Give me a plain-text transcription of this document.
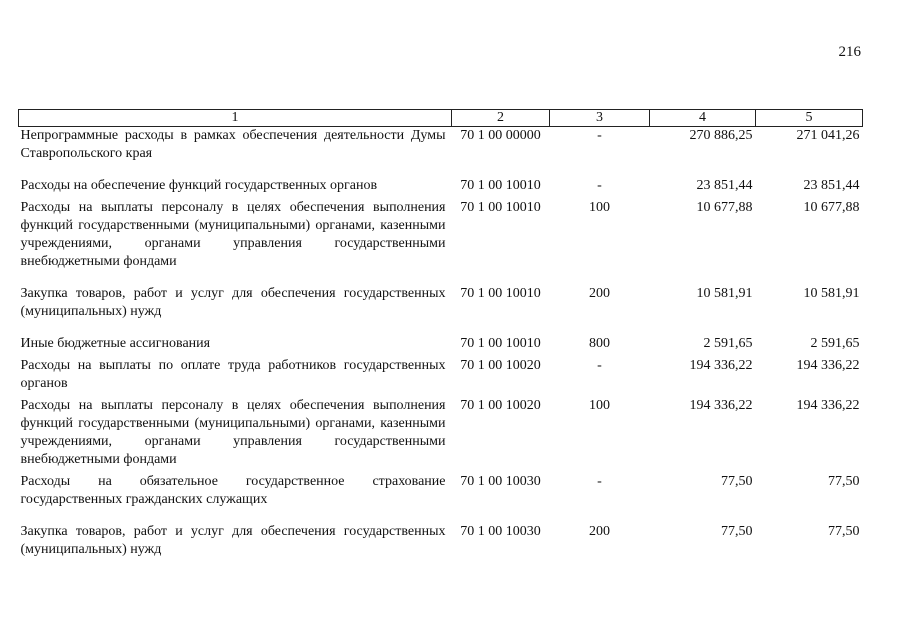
216
1	2	3	4	5
Непрограммные расходы в рамках обеспечения деятельности Думы Ставропольского края	70 1 00 00000	-	270 886,25	271 041,26
Расходы на обеспечение функций государственных органов	70 1 00 10010	-	23 851,44	23 851,44
Расходы на выплаты персоналу в целях обеспечения выполнения функций государственными (муниципальными) органами, казенными учреждениями, органами управления государственными внебюджетными фондами	70 1 00 10010	100	10 677,88	10 677,88
Закупка товаров, работ и услуг для обеспечения государственных (муниципальных) нужд	70 1 00 10010	200	10 581,91	10 581,91
Иные бюджетные ассигнования	70 1 00 10010	800	2 591,65	2 591,65
Расходы на выплаты по оплате труда работников государственных органов	70 1 00 10020	-	194 336,22	194 336,22
Расходы на выплаты персоналу в целях обеспечения выполнения функций государственными (муниципальными) органами, казенными учреждениями, органами управления государственными внебюджетными фондами	70 1 00 10020	100	194 336,22	194 336,22
Расходы на обязательное государственное страхование государственных гражданских служащих	70 1 00 10030	-	77,50	77,50
Закупка товаров, работ и услуг для обеспечения государственных (муниципальных) нужд	70 1 00 10030	200	77,50	77,50
